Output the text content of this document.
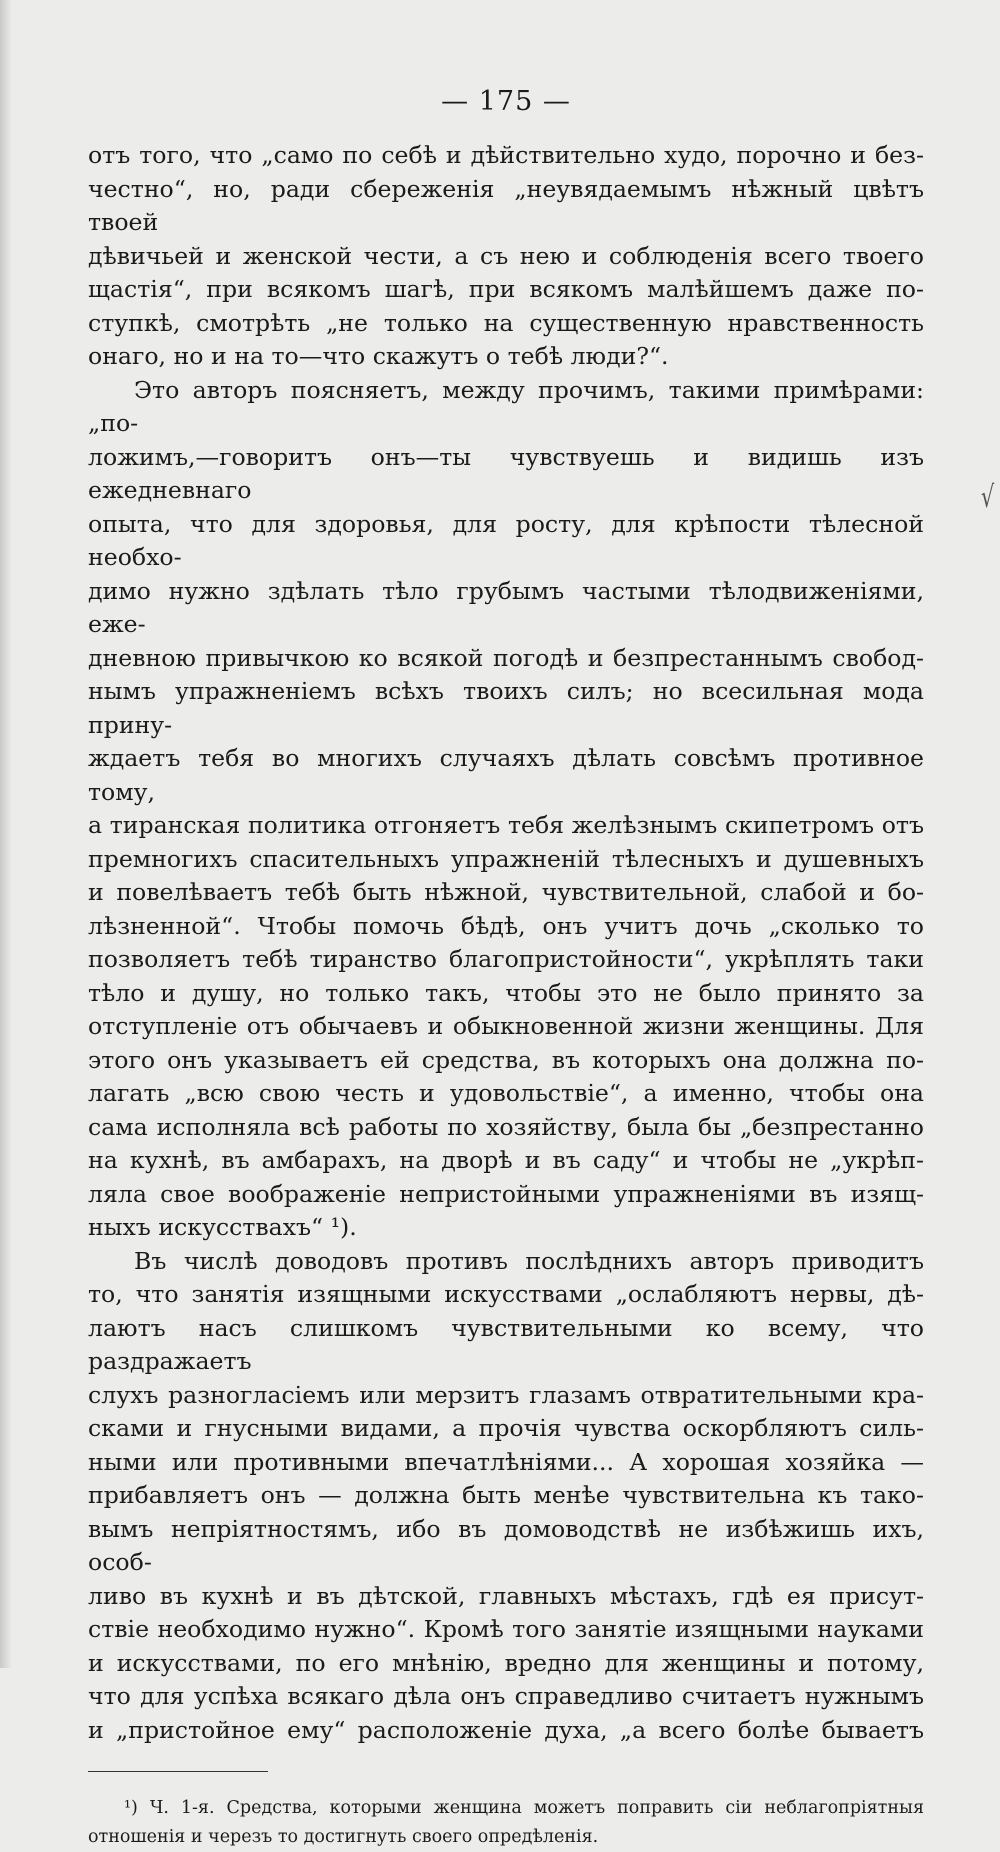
— 175 —

отъ того, что „само по себѣ и дѣйствительно худо, порочно и без-
честно“, но, ради сбереженія „неувядаемымъ нѣжный цвѣтъ твоей
дѣвичьей и женской чести, а съ нею и соблюденія всего твоего
щастія“, при всякомъ шагѣ, при всякомъ малѣйшемъ даже по-
ступкѣ, смотрѣть „не только на существенную нравственность
онаго, но и на то—что скажутъ о тебѣ люди?“.

Это авторъ поясняетъ, между прочимъ, такими примѣрами: „по-
ложимъ,—говоритъ онъ—ты чувствуешь и видишь изъ ежедневнаго
опыта, что для здоровья, для росту, для крѣпости тѣлесной необхо-
димо нужно здѣлать тѣло грубымъ частыми тѣлодвиженіями, еже-
дневною привычкою ко всякой погодѣ и безпрестаннымъ свобод-
нымъ упражненіемъ всѣхъ твоихъ силъ; но всесильная мода прину-
ждаетъ тебя во многихъ случаяхъ дѣлать совсѣмъ противное тому,
а тиранская политика отгоняетъ тебя желѣзнымъ скипетромъ отъ
премногихъ спасительныхъ упражненій тѣлесныхъ и душевныхъ
и повелѣваетъ тебѣ быть нѣжной, чувствительной, слабой и бо-
лѣзненной“. Чтобы помочь бѣдѣ, онъ учитъ дочь „сколько то
позволяетъ тебѣ тиранство благопристойности“, укрѣплять таки
тѣло и душу, но только такъ, чтобы это не было принято за
отступленіе отъ обычаевъ и обыкновенной жизни женщины. Для
этого онъ указываетъ ей средства, въ которыхъ она должна по-
лагать „всю свою честь и удовольствіе“, а именно, чтобы она
сама исполняла всѣ работы по хозяйству, была бы „безпрестанно
на кухнѣ, въ амбарахъ, на дворѣ и въ саду“ и чтобы не „укрѣп-
ляла свое воображеніе непристойными упражненіями въ изящ-
ныхъ искусствахъ“ ¹).

Въ числѣ доводовъ противъ послѣднихъ авторъ приводитъ
то, что занятія изящными искусствами „ослабляютъ нервы, дѣ-
лаютъ насъ слишкомъ чувствительными ко всему, что раздражаетъ
слухъ разногласіемъ или мерзитъ глазамъ отвратительными кра-
сками и гнусными видами, а прочія чувства оскорбляютъ силь-
ными или противными впечатлѣніями... А хорошая хозяйка —
прибавляетъ онъ — должна быть менѣе чувствительна къ тако-
вымъ непріятностямъ, ибо въ домоводствѣ не избѣжишь ихъ, особ-
ливо въ кухнѣ и въ дѣтской, главныхъ мѣстахъ, гдѣ ея присут-
ствіе необходимо нужно“. Кромѣ того занятіе изящными науками
и искусствами, по его мнѣнію, вредно для женщины и потому,
что для успѣха всякаго дѣла онъ справедливо считаетъ нужнымъ
и „пристойное ему“ расположеніе духа, „а всего болѣе бываетъ

¹) Ч. 1-я. Средства, которыми женщина можетъ поправить сіи неблагопріятныя
отношенія и черезъ то достигнуть своего опредѣленія.
√
